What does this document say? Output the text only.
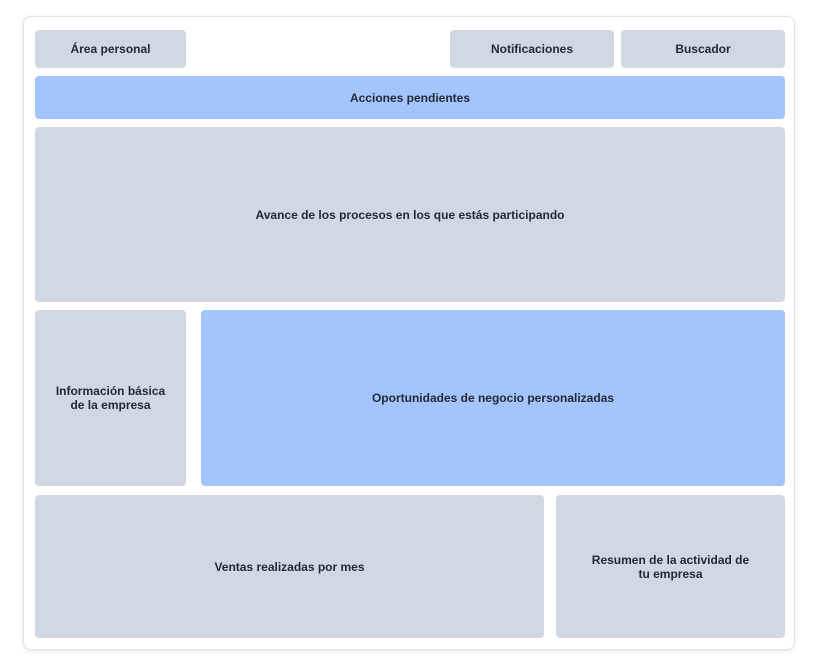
Área personal	Notificaciones	Buscador
Acciones pendientes
Avance de los procesos en los que estás participando
Información básica
de la empresa	Oportunidades de negocio personalizadas
Ventas realizadas por mes	Resumen de la actividad de
tu empresa
